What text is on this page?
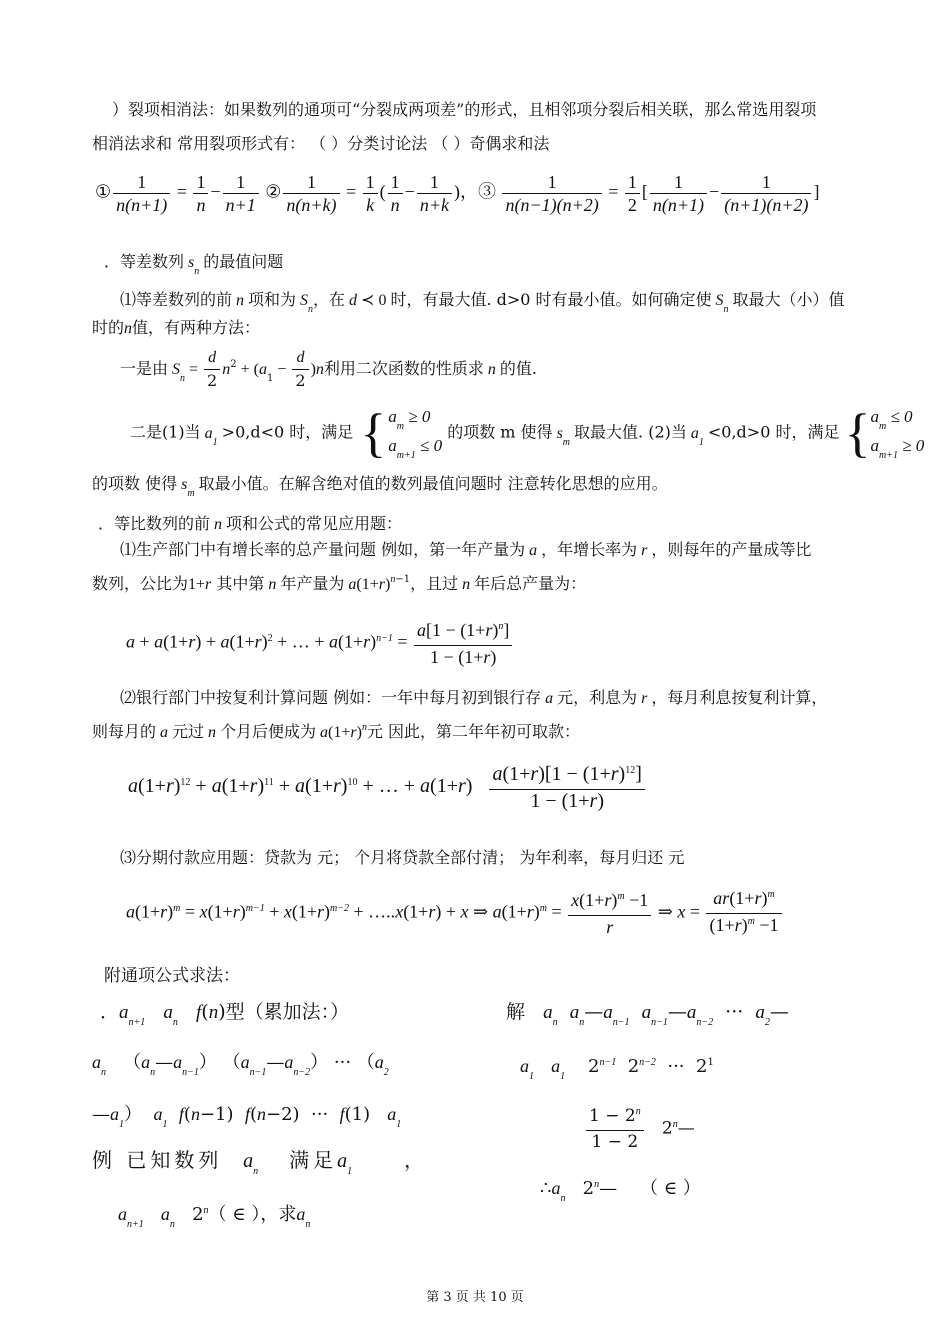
）裂项相消法：如果数列的通项可“分裂成两项差”的形式，且相邻项分裂后相关联，那么常选用裂项
相消法求和 常用裂项形式有： （ ）分类讨论法 （ ）奇偶求和法
① $\frac{1}{n(n+1)} = \frac{1}{n} - \frac{1}{n+1}$ ② $\frac{1}{n(n+k)} = \frac{1}{k}$ ( $\frac{1}{n} - \frac{1}{n+k}$ )，③ $\frac{1}{n(n-1)(n+2)} = \frac{1}{2}$ [ $\frac{1}{n(n+1)} - \frac{1}{(n+1)(n+2)}$ ]
．等差数列 $s_n$ 的最值问题
⑴等差数列的前 n 项和为 $S_n$，在 d ≺ 0 时，有最大值. d>0 时有最小值。如何确定使 $S_n$ 取最大（小）值
时的n值，有两种方法：
一是由 $S_n = \frac{d}{2} n^2 + (a_1 - \frac{d}{2} )n$利用二次函数的性质求 n 的值.
二是(1)当 $a_1 >0,d<0$ 时，满足 { $a_m \ge 0$
$a_{m+1} \le 0$ 的项数 m 使得 $s_m$ 取最大值. (2)当 $a_1 <0,d>0$ 时，满足 {$a_m \le 0$
$a_{m+1} \ge 0$
的项数 使得 $s_m$ 取最小值。在解含绝对值的数列最值问题时 注意转化思想的应用。
．等比数列的前 n 项和公式的常见应用题：
⑴生产部门中有增长率的总产量问题 例如，第一年产量为 a ，年增长率为 r ，则每年的产量成等比
数列，公比为1+r 其中第 n 年产量为 $a(1+r)^{n-1}$，且过 n 年后总产量为：
$a + a(1+r) + a(1+r)^2$ + … + $a(1+r)^{n-1} = \frac{a[1 - (1+r)^n]}{1 - (1+r)}$
⑵银行部门中按复利计算问题 例如：一年中每月初到银行存 a 元，利息为 r ，每月利息按复利计算，
则每月的 a 元过 n 个月后便成为 $a(1+r)^n$元 因此，第二年年初可取款：
$a(1+r)^{12} + a(1+r)^{11} + a(1+r)^{10}$ + … + $a(1+r) \frac{a(1+r)[1 - (1+r)^{12}]}{1 - (1+r)}$
⑶分期付款应用题：贷款为 元； 个月将贷款全部付清； 为年利率，每月归还 元
$a(1+r)^m = x(1+r)^{m-1} + x(1+r)^{m-2}$ + …..x(1+r) + x ⇒ $a(1+r)^m = \frac{x(1+r)^m -1}{r}$ ⇒ $x = \frac{ar(1+r)^m}{(1+r)^m -1}$
附通项公式求法：
．$a_{n+1}$ $a_n$ f(n)型（累加法：）
$a_n$   $(a_n—a_{n-1})$ $(a_{n-1}—a_{n-2})$ ··· （$a_2$
$—a_1$）  $a_1$  f(n−1)  f(n−2)  ···  f(1)   $a_1$
例 已知数列 $a_n$ 满足$a_1$     ，
$a_{n+1}$   $a_n$   2$^n$（ ∈ ），求$a_n$
解 $a_n$ $a_n—a_{n-1}$ $a_{n-1}—a_{n-2}$  ···  $a_2—$
$a_1$   $a_1$    $2^{n-1}$  $2^{n-2}$  ···  $2^1$
$\frac{1 - 2^n}{1 - 2}$ 2$^n$—
$\therefore a_n$   2$^n$—    （ ∈ ）
第 3 页 共 10 页
